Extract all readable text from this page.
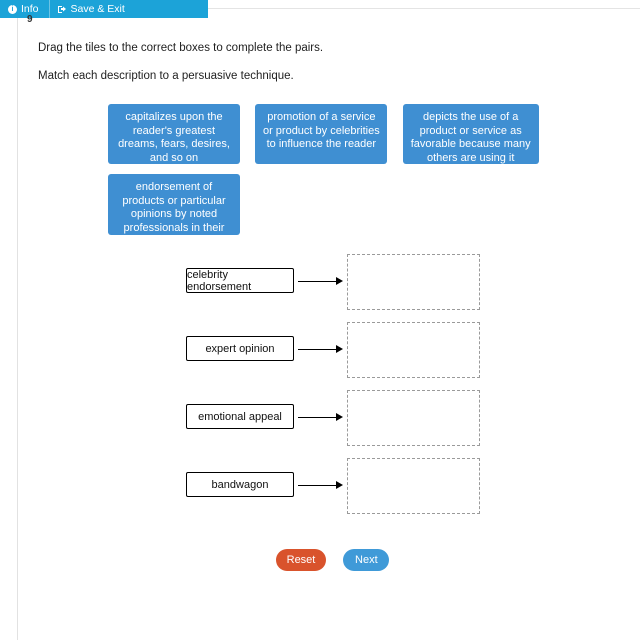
i Info	Save & Exit
9
Drag the tiles to the correct boxes to complete the pairs.
Match each description to a persuasive technique.
capitalizes upon the reader's greatest dreams, fears, desires, and so on promotion of a service or product by celebrities to influence the reader depicts the use of a product or service as favorable because many others are using it endorsement of products or particular opinions by noted professionals in their particular fields
celebrity endorsement
expert opinion
emotional appeal
bandwagon
Reset	Next
